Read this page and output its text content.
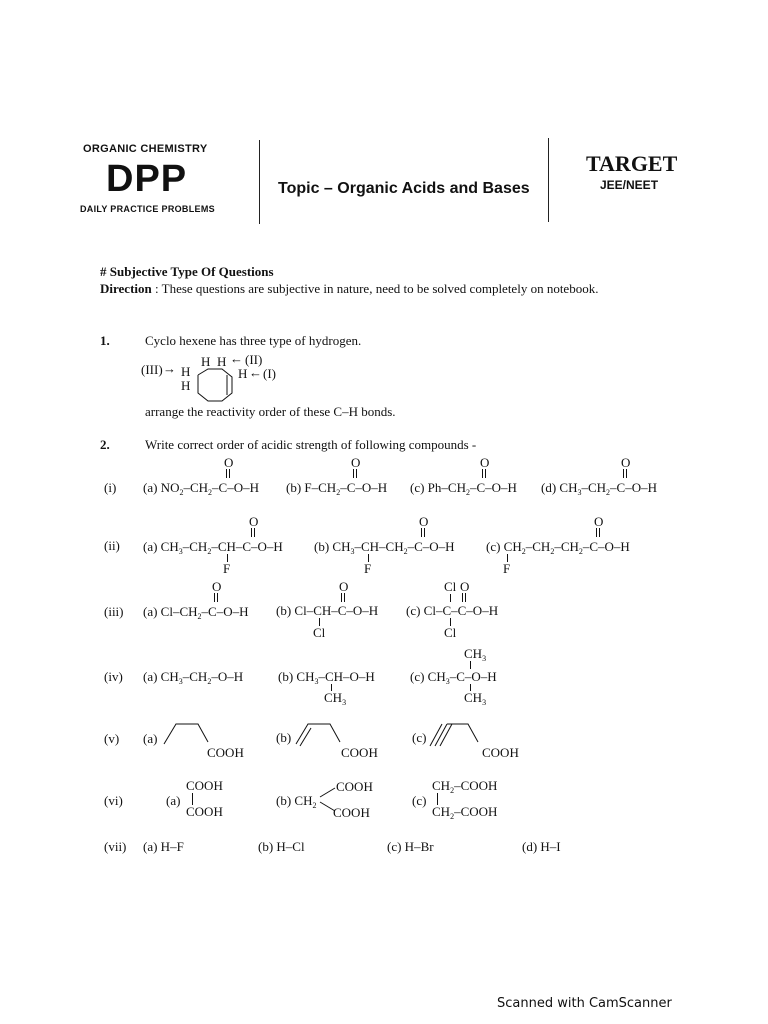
ORGANIC CHEMISTRY
DPP
DAILY PRACTICE PROBLEMS
Topic – Organic Acids and Bases
TARGET
JEE/NEET
# Subjective Type Of Questions
Direction : These questions are subjective in nature, need to be solved completely on notebook.
1.	Cyclo hexene has three type of hydrogen.
(III) → H
H
H H ← (II)
H ← (I)
arrange the reactivity order of these C–H bonds.
2.	Write correct order of acidic strength of following compounds -
(i)
O
(a) $NO_2-CH_2-C-O-H$
O
(b) $F-CH_2-C-O-H$
O
(c) $Ph-CH_2-C-O-H$
O
(d) $CH_3-CH_2-C-O-H$
(ii)
O
(a) $CH_3-CH_2-CH-C-O-H$
F
O
(b) $CH_3-CH-CH_2-C-O-H$
F
O
(c) $CH_2-CH_2-CH_2-C-O-H$
F
(iii)
O
(a) $Cl-CH_2-C-O-H$
O
(b) Cl–CH–C–O–H
Cl
Cl O
(c) Cl–C–C–O–H
Cl
(iv) (a) $CH_3-CH_2-O-H$	(b) $CH_3-CH-O-H$
$CH_3$
$CH_3$
(c) $CH_3-C-O-H$
$CH_3$
(v) (a)
COOH
(b)
COOH
(c)
COOH
(vi)
COOH
(a)
COOH
COOH
(b) $CH_2$ COOH
$CH_2$–COOH
(c)
$CH_2$–COOH
(vii) (a) H–F	(b) H–Cl	(c) H–Br	(d) H–I
Scanned with CamScanner
